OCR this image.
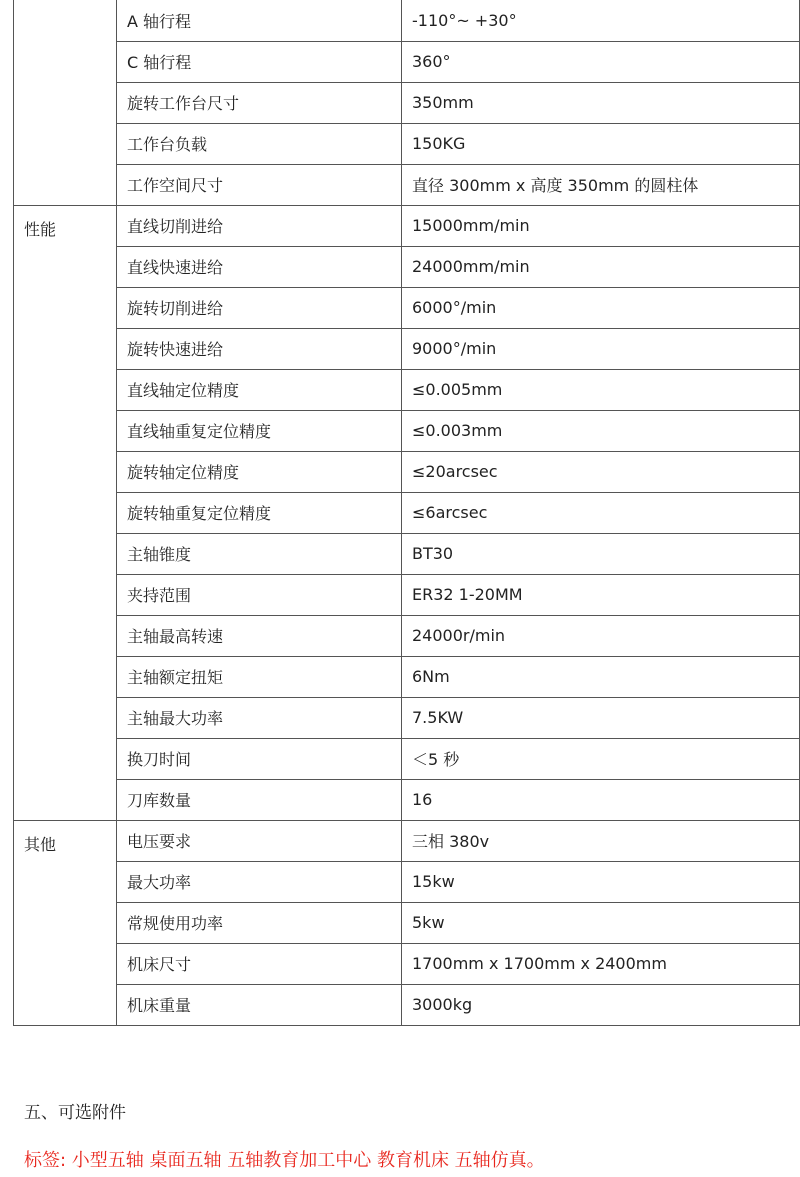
	A 轴行程	-110°~ +30°
	C 轴行程	360°
	旋转工作台尺寸	350mm
	工作台负载	150KG
	工作空间尺寸	直径 300mm x 高度 350mm 的圆柱体
性能	直线切削进给	15000mm/min
	直线快速进给	24000mm/min
	旋转切削进给	6000°/min
	旋转快速进给	9000°/min
	直线轴定位精度	≤0.005mm
	直线轴重复定位精度	≤0.003mm
	旋转轴定位精度	≤20arcsec
	旋转轴重复定位精度	≤6arcsec
	主轴锥度	BT30
	夹持范围	ER32 1-20MM
	主轴最高转速	24000r/min
	主轴额定扭矩	6Nm
	主轴最大功率	7.5KW
	换刀时间	＜5 秒
	刀库数量	16
其他	电压要求	三相 380v
	最大功率	15kw
	常规使用功率	5kw
	机床尺寸	1700mm x 1700mm x 2400mm
	机床重量	3000kg
五、可选附件

标签: 小型五轴 桌面五轴 五轴教育加工中心 教育机床 五轴仿真。
